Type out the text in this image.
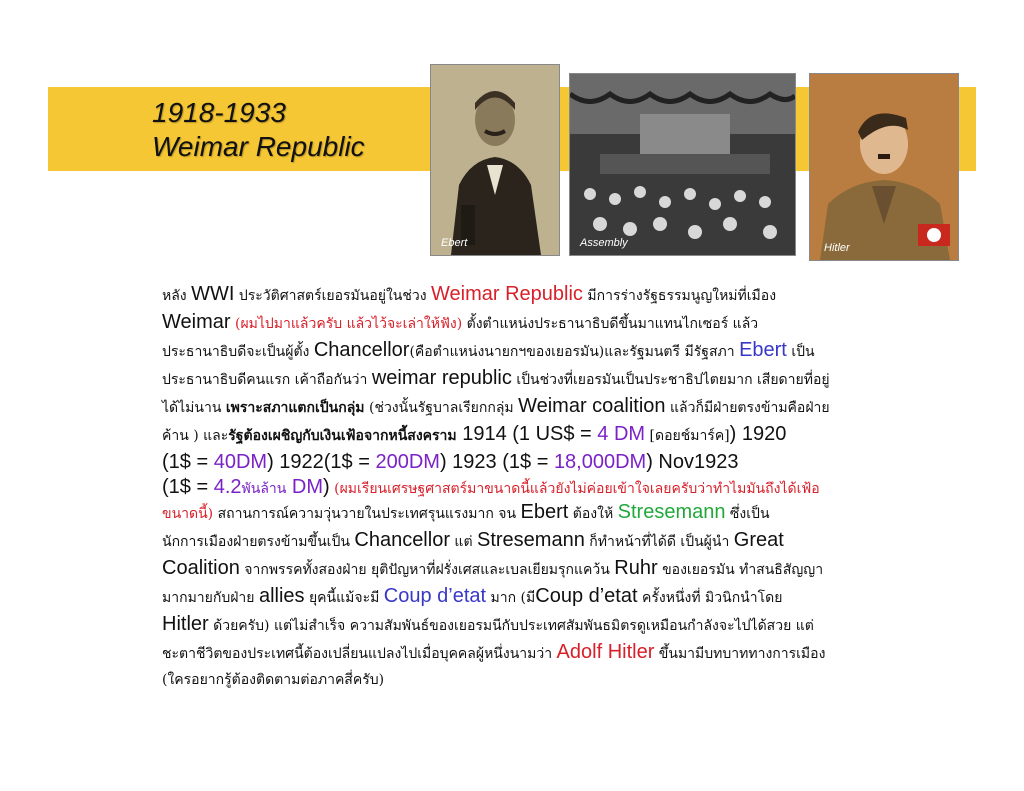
1918-1933
Weimar Republic
Ebert	Assembly	Hitler
หลัง WWI ประวัติศาสตร์เยอรมันอยู่ในช่วง Weimar Republic มีการร่างรัฐธรรมนูญใหม่ที่เมือง
Weimar (ผมไปมาแล้วครับ แล้วไว้จะเล่าให้ฟัง) ตั้งตำแหน่งประธานาธิบดีขึ้นมาแทนไกเซอร์ แล้ว
ประธานาธิบดีจะเป็นผู้ตั้ง Chancellor(คือตำแหน่งนายกฯของเยอรมัน)และรัฐมนตรี มีรัฐสภา Ebert เป็น
ประธานาธิบดีคนแรก เค้าถือกันว่า weimar republic เป็นช่วงที่เยอรมันเป็นประชาธิปไตยมาก เสียดายที่อยู่
ได้ไม่นาน เพราะสภาแตกเป็นกลุ่ม (ช่วงนั้นรัฐบาลเรียกกลุ่ม Weimar coalition แล้วก็มีฝ่ายตรงข้ามคือฝ่าย
ค้าน ) และรัฐต้องเผชิญกับเงินเฟ้อจากหนี้สงคราม 1914 (1 US$ = 4 DM [ดอยช์มาร์ค]) 1920
(1$ = 40DM) 1922(1$ = 200DM) 1923 (1$ = 18,000DM) Nov1923
(1$ = 4.2พันล้าน DM) (ผมเรียนเศรษฐศาสตร์มาขนาดนี้แล้วยังไม่ค่อยเข้าใจเลยครับว่าทำไมมันถึงได้เฟ้อ
ขนาดนี้) สถานการณ์ความวุ่นวายในประเทศรุนแรงมาก จน Ebert ต้องให้ Stresemann ซึ่งเป็น
นักการเมืองฝ่ายตรงข้ามขึ้นเป็น Chancellor แต่ Stresemann ก็ทำหน้าที่ได้ดี เป็นผู้นำ Great
Coalition จากพรรคทั้งสองฝ่าย ยุติปัญหาที่ฝรั่งเศสและเบลเยียมรุกแคว้น Ruhr ของเยอรมัน ทำสนธิสัญญา
มากมายกับฝ่าย allies ยุคนี้แม้จะมี Coup d’etat มาก (มีCoup d’etat ครั้งหนึ่งที่ มิวนิกนำโดย
Hitler ด้วยครับ) แต่ไม่สำเร็จ ความสัมพันธ์ของเยอรมนีกับประเทศสัมพันธมิตรดูเหมือนกำลังจะไปได้สวย แต่
ชะตาชีวิตของประเทศนี้ต้องเปลี่ยนแปลงไปเมื่อบุคคลผู้หนึ่งนามว่า Adolf Hitler ขึ้นมามีบทบาททางการเมือง
(ใครอยากรู้ต้องติดตามต่อภาคสี่ครับ)
